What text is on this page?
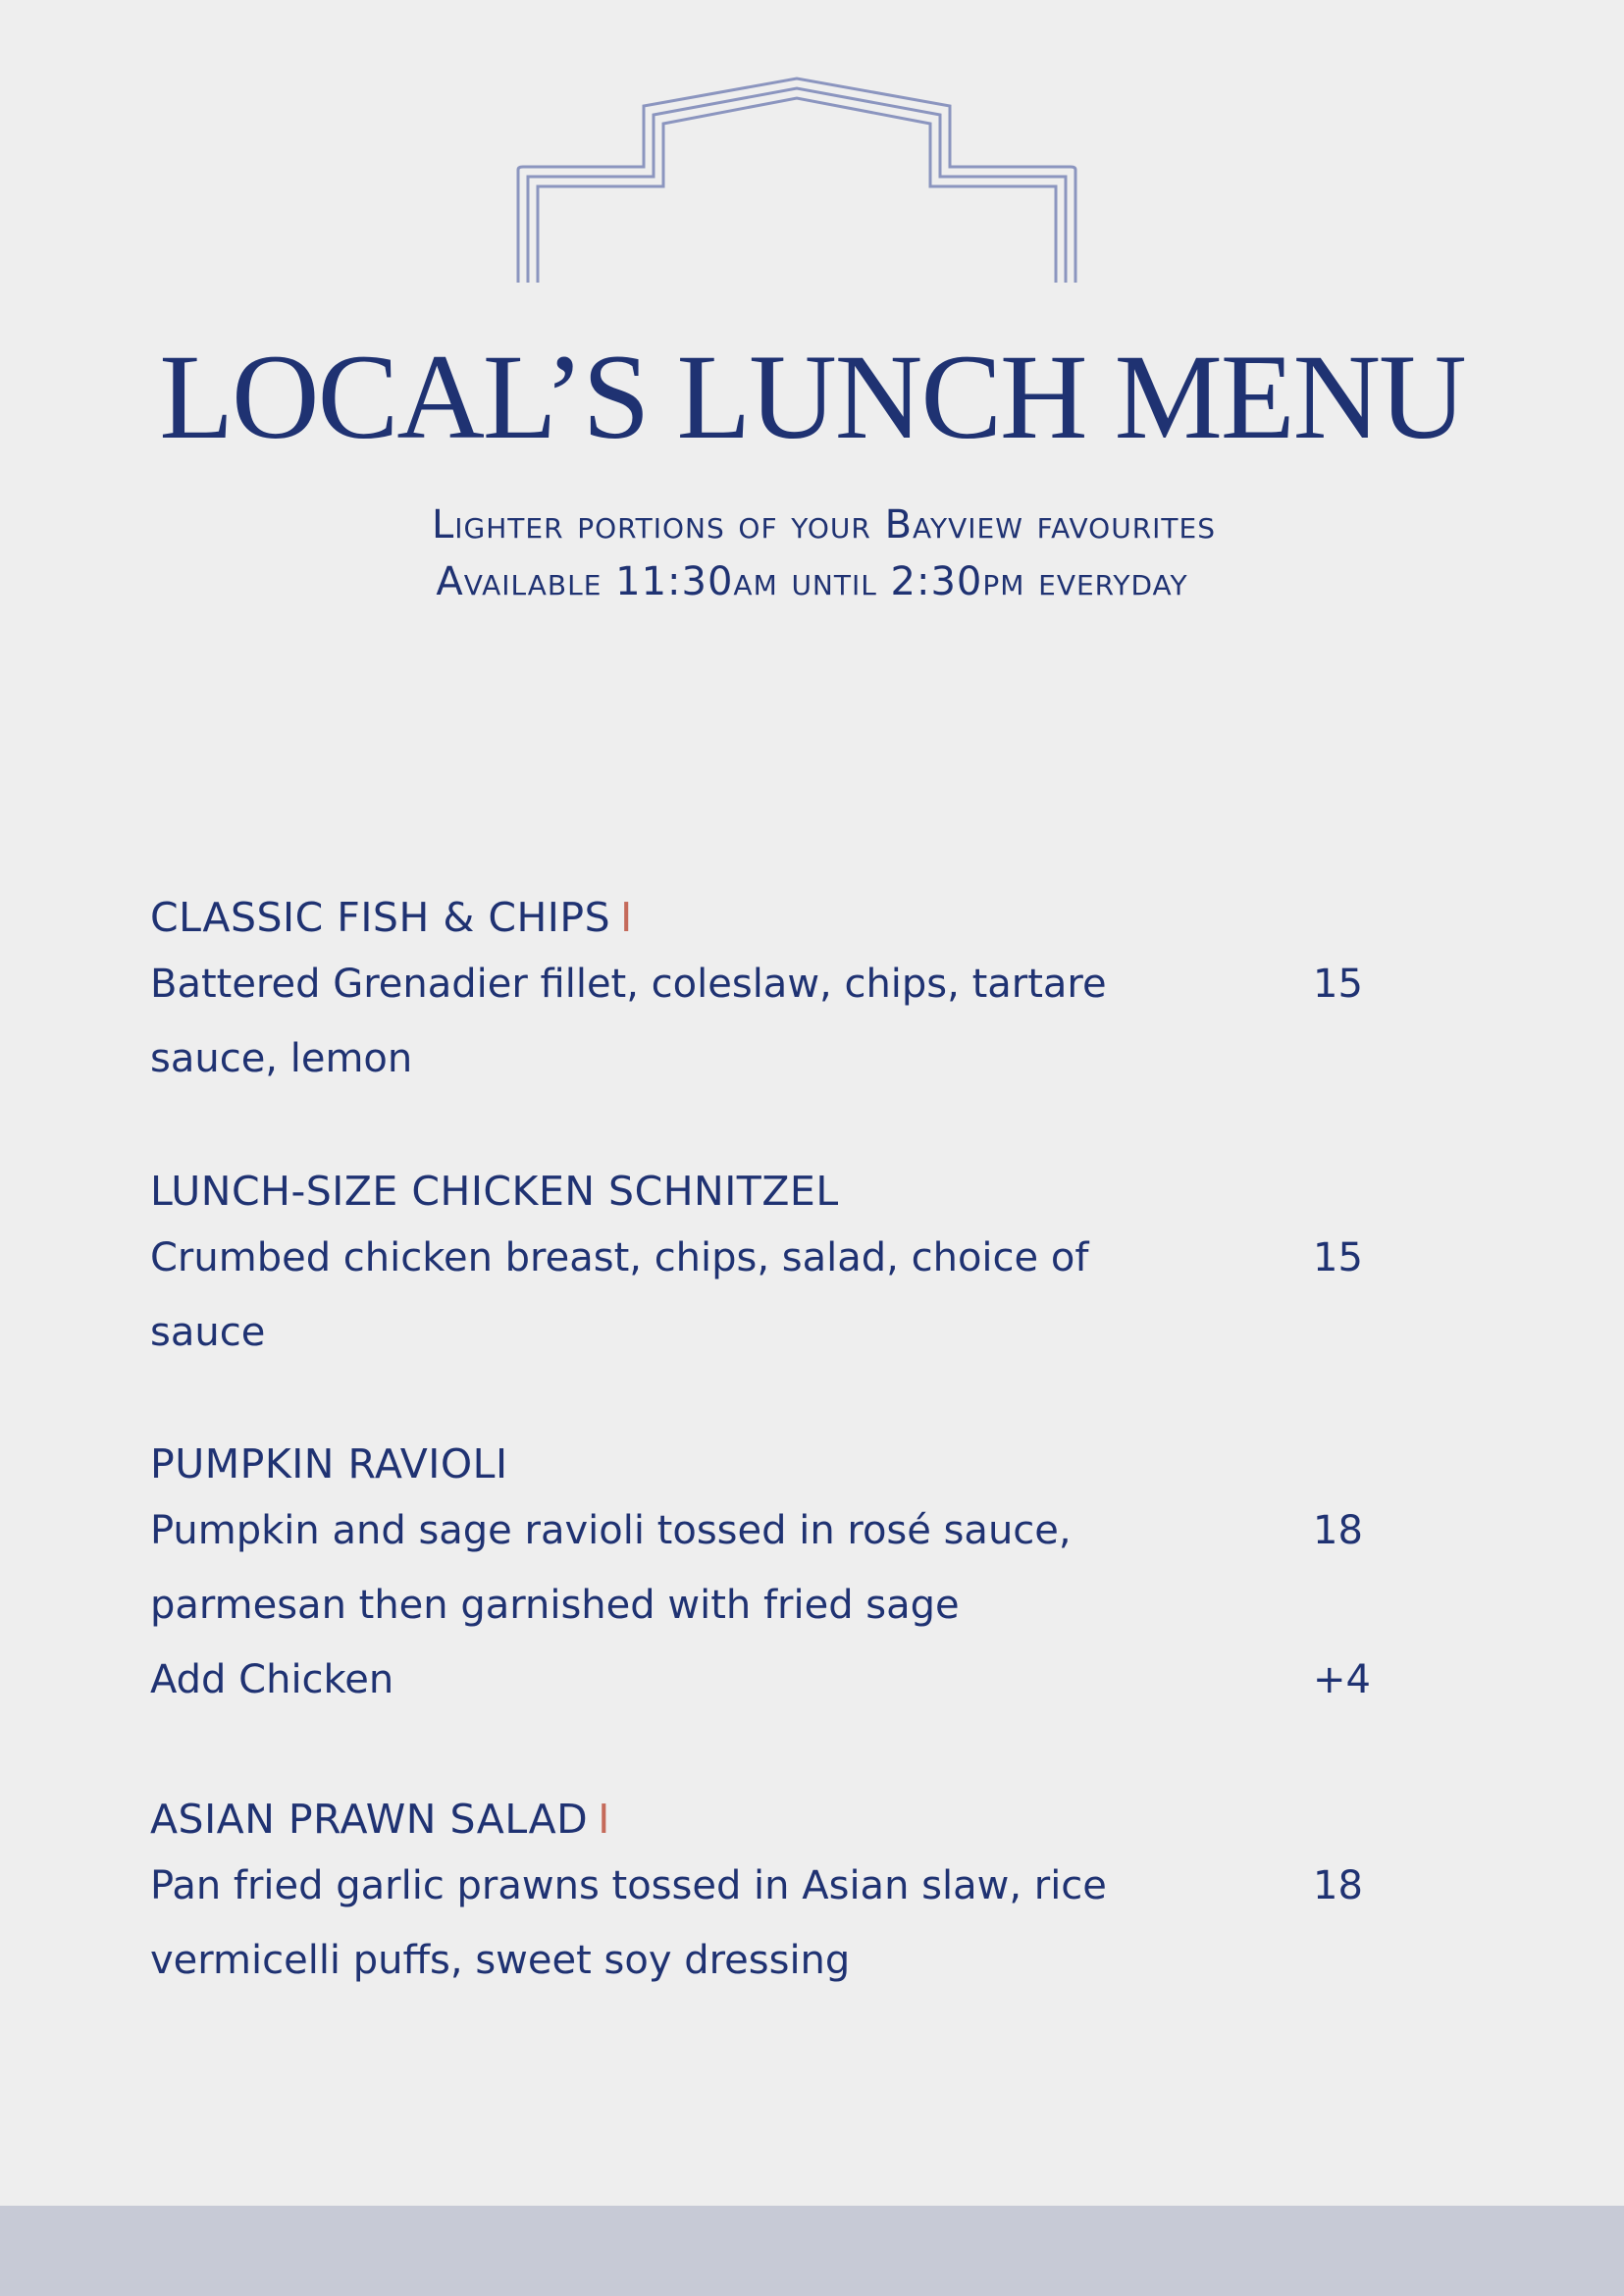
LOCAL’S LUNCH MENU
Lighter portions of your Bayview favourites
Available 11:30am until 2:30pm everyday
CLASSIC FISH & CHIPS I
Battered Grenadier fillet, coleslaw, chips, tartare	15
sauce, lemon
LUNCH-SIZE CHICKEN SCHNITZEL
Crumbed chicken breast, chips, salad, choice of	15
sauce
PUMPKIN RAVIOLI
Pumpkin and sage ravioli tossed in rosé sauce,	18
parmesan then garnished with fried sage
Add Chicken	+4
ASIAN PRAWN SALAD I
Pan fried garlic prawns tossed in Asian slaw, rice	18
vermicelli puffs, sweet soy dressing
